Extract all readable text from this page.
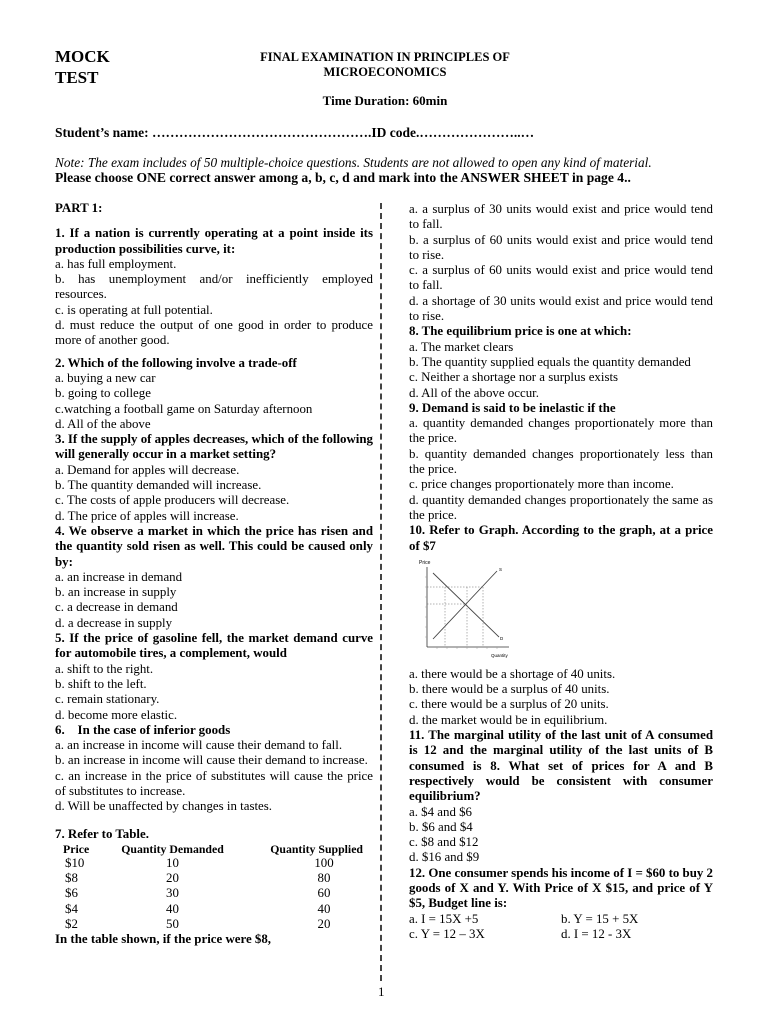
MOCK
TEST
FINAL EXAMINATION IN PRINCIPLES OF
MICROECONOMICS
Time Duration: 60min
Student’s name: ………………………………………….ID code.…………………..…
Note: The exam includes of 50 multiple-choice questions. Students are not allowed to open any kind of material.
Please choose ONE correct answer among a, b, c, d and mark into the ANSWER SHEET in page 4..

PART 1:

1. If a nation is currently operating at a point inside its production possibilities curve, it:

a. has full employment.

b. has unemployment and/or inefficiently employed resources.

c. is operating at full potential.

d. must reduce the output of one good in order to produce more of another good.

2. Which of the following involve a trade-off

a. buying a new car

b. going to college

c.watching a football game on Saturday afternoon

d. All of the above

3. If the supply of apples decreases, which of the following will generally occur in a market setting?

a. Demand for apples will decrease.

b. The quantity demanded will increase.

c. The costs of apple producers will decrease.

d. The price of apples will increase.

4. We observe a market in which the price has risen and the quantity sold risen as well. This could be caused only by:

a. an increase in demand

b. an increase in supply

c. a decrease in demand

d. a decrease in supply

5. If the price of gasoline fell, the market demand curve for automobile tires, a complement, would

a. shift to the right.

b. shift to the left.

c. remain stationary.

d. become more elastic.

6.    In the case of inferior goods

a. an increase in income will cause their demand to fall.

b. an increase in income will cause their demand to increase.

c. an increase in the price of substitutes will cause the price of substitutes to increase.

d. Will be unaffected by changes in tastes.

7. Refer to Table.

Price	Quantity Demanded	Quantity Supplied
$10	10	100
$8	20	80
$6	30	60
$4	40	40
$2	50	20

In the table shown, if the price were $8,

a. a surplus of 30 units would exist and price would tend to fall.

b. a surplus of 60 units would exist and price would tend to rise.

c. a surplus of 60 units would exist and price would tend to fall.

d. a shortage of 30 units would exist and price would tend to rise.

8. The equilibrium price is one at which:

a. The market clears

b. The quantity supplied equals the quantity demanded

c. Neither a shortage nor a surplus exists

d. All of the above occur.

9. Demand is said to be inelastic if the

a. quantity demanded changes proportionately more than the price.

b. quantity demanded changes proportionately less than the price.

c. price changes proportionately more than income.

d. quantity demanded changes proportionately the same as the price.

10. Refer to Graph. According to the graph, at a price of $7

Price
S
D
Quantity

a. there would be a shortage of 40 units.

b. there would be a surplus of 40 units.

c. there would be a surplus of 20 units.

d. the market would be in equilibrium.

11. The marginal utility of the last unit of A consumed is 12 and the marginal utility of the last units of B consumed is 8. What set of prices for A and B respectively would be consistent with consumer equilibrium?

a. $4 and $6

b. $6 and $4

c. $8 and $12

d. $16 and $9

12. One consumer spends his income of I = $60 to buy 2 goods of X and Y. With Price of X $15, and price of Y $5, Budget line is:

a. I = 15X +5	b. Y = 15 + 5X
c. Y = 12 – 3X	d. I = 12 - 3X
1
